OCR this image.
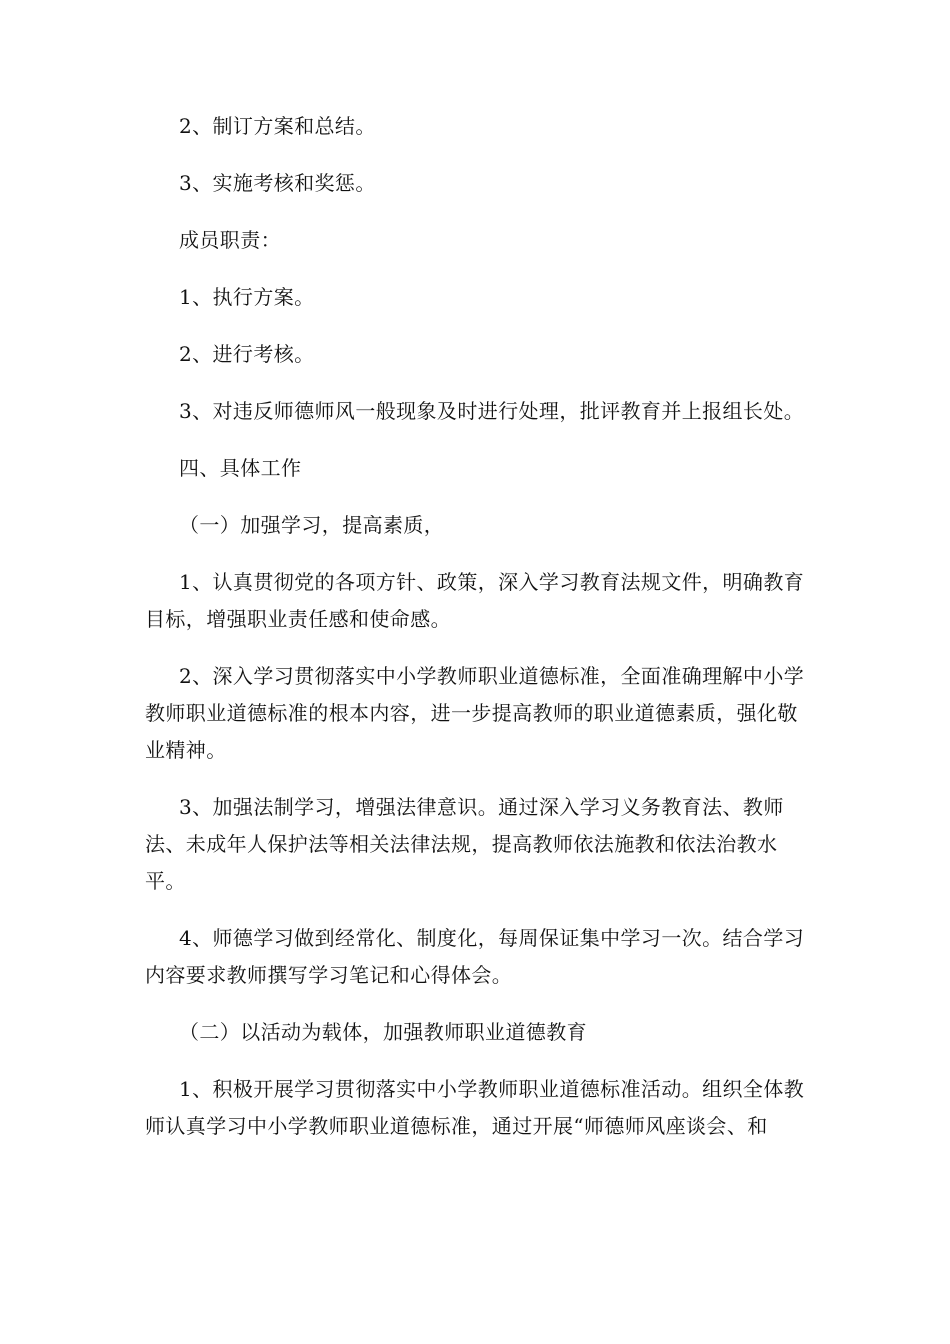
2、制订方案和总结。

3、实施考核和奖惩。

成员职责：

1、执行方案。

2、进行考核。

3、对违反师德师风一般现象及时进行处理，批评教育并上报组长处。

四、具体工作

（一）加强学习，提高素质，

1、认真贯彻党的各项方针、政策，深入学习教育法规文件，明确教育目标，增强职业责任感和使命感。

2、深入学习贯彻落实中小学教师职业道德标准，全面准确理解中小学教师职业道德标准的根本内容，进一步提高教师的职业道德素质，强化敬业精神。

3、加强法制学习，增强法律意识。通过深入学习义务教育法、教师法、未成年人保护法等相关法律法规，提高教师依法施教和依法治教水平。

4、师德学习做到经常化、制度化，每周保证集中学习一次。结合学习内容要求教师撰写学习笔记和心得体会。

（二）以活动为载体，加强教师职业道德教育

1、积极开展学习贯彻落实中小学教师职业道德标准活动。组织全体教师认真学习中小学教师职业道德标准，通过开展“师德师风座谈会、和
